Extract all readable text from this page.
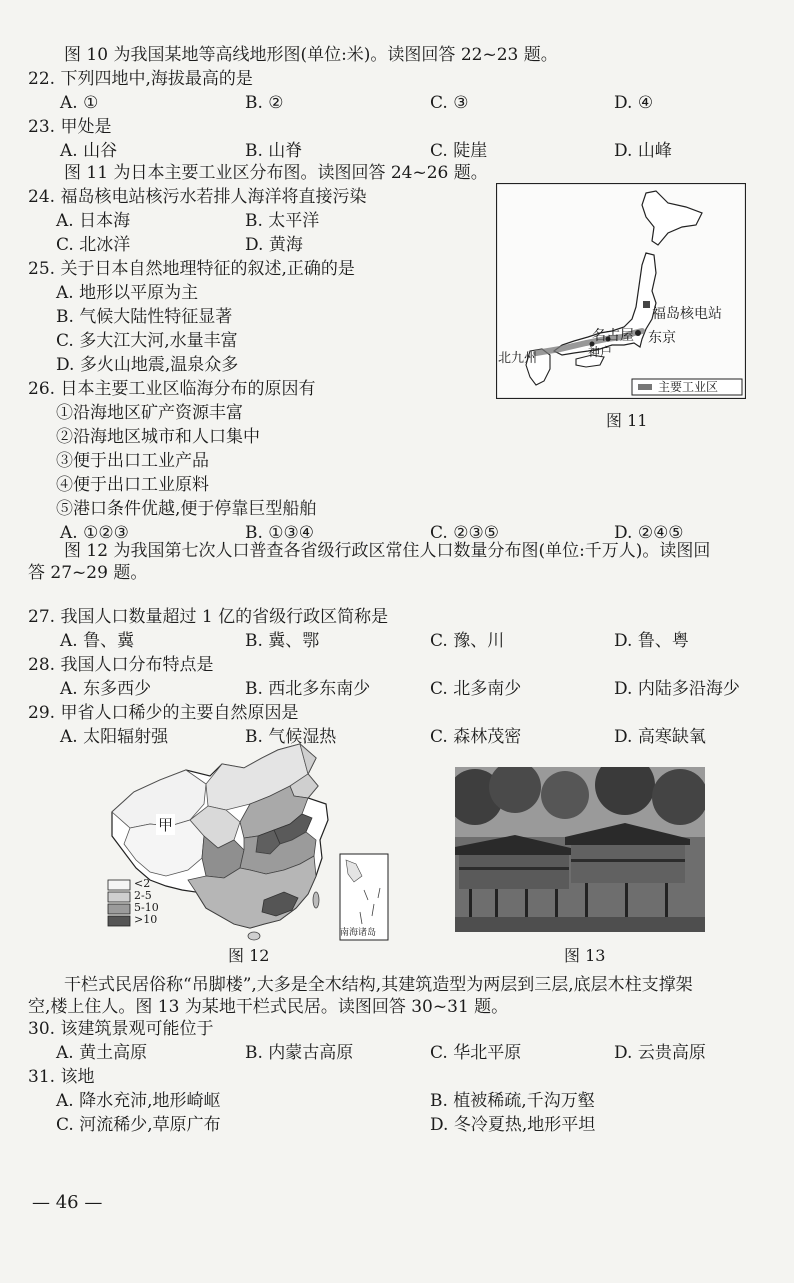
图 10 为我国某地等高线地形图(单位:米)。读图回答 22~23 题。
22. 下列四地中,海拔最高的是
A. ①	B. ②	C. ③	D. ④
23. 甲处是
A. 山谷	B. 山脊	C. 陡崖	D. 山峰
图 11 为日本主要工业区分布图。读图回答 24~26 题。
24. 福岛核电站核污水若排人海洋将直接污染
A. 日本海	B. 太平洋
C. 北冰洋	D. 黄海
25. 关于日本自然地理特征的叙述,正确的是
A. 地形以平原为主
B. 气候大陆性特征显著
C. 多大江大河,水量丰富
D. 多火山地震,温泉众多
26. 日本主要工业区临海分布的原因有
①沿海地区矿产资源丰富
②沿海地区城市和人口集中
③便于出口工业产品
④便于出口工业原料
⑤港口条件优越,便于停靠巨型船舶
A. ①②③	B. ①③④	C. ②③⑤	D. ②④⑤
福岛核电站
东京
名古屋
神户
北九州
主要工业区
图 11
图 12 为我国第七次人口普查各省级行政区常住人口数量分布图(单位:千万人)。读图回
答 27~29 题。
27. 我国人口数量超过 1 亿的省级行政区简称是
A. 鲁、冀	B. 冀、鄂	C. 豫、川	D. 鲁、粤
28. 我国人口分布特点是
A. 东多西少	B. 西北多东南少	C. 北多南少	D. 内陆多沿海少
29. 甲省人口稀少的主要自然原因是
A. 太阳辐射强	B. 气候湿热	C. 森林茂密	D. 高寒缺氧
甲
<2
2-5
5-10
>10
南海诸岛
图 12	图 13
干栏式民居俗称“吊脚楼”,大多是全木结构,其建筑造型为两层到三层,底层木柱支撑架
空,楼上住人。图 13 为某地干栏式民居。读图回答 30~31 题。
30. 该建筑景观可能位于
A. 黄土高原	B. 内蒙古高原	C. 华北平原	D. 云贵高原
31. 该地
A. 降水充沛,地形崎岖	B. 植被稀疏,千沟万壑
C. 河流稀少,草原广布	D. 冬冷夏热,地形平坦
— 46 —
